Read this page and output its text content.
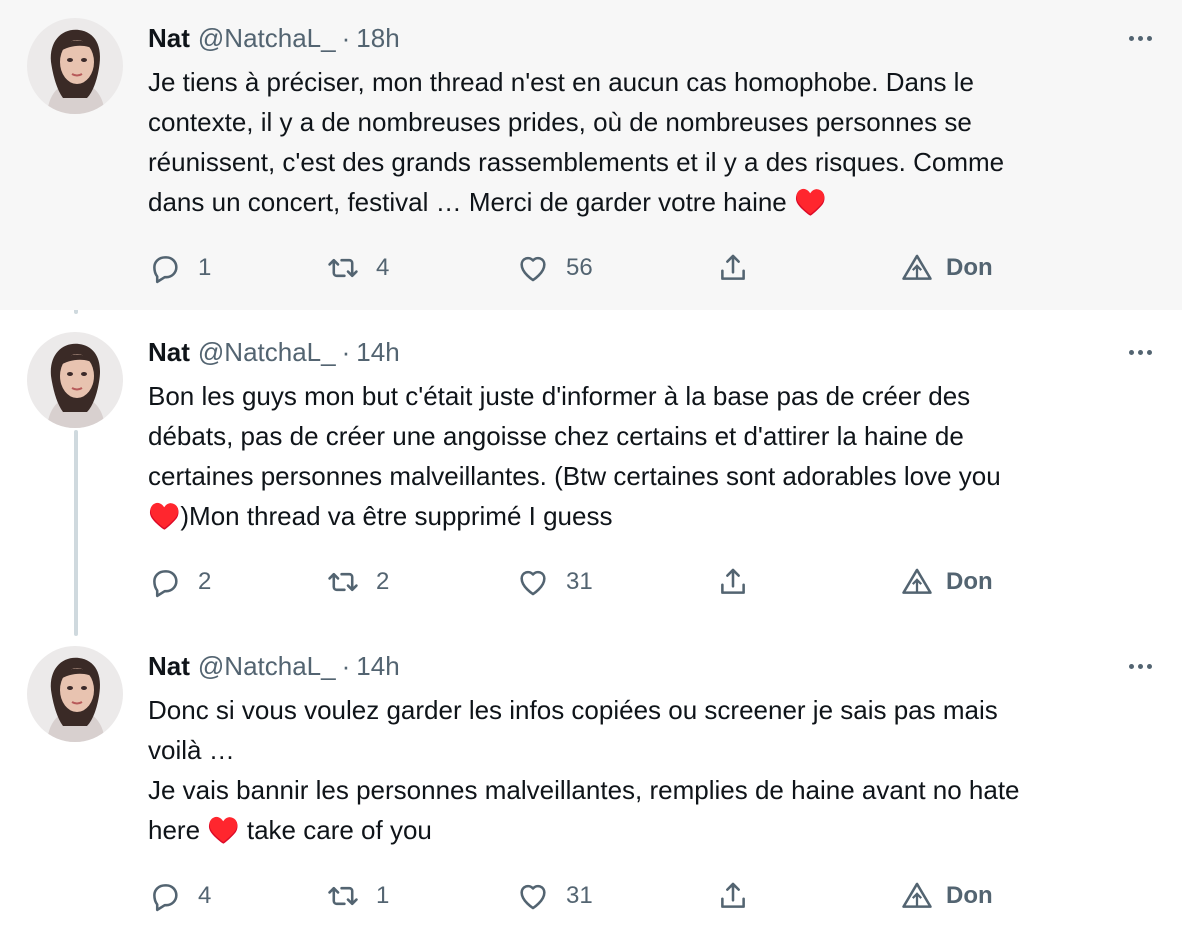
Nat @NatchaL_ · 18h

Je tiens à préciser, mon thread n'est en aucun cas homophobe. Dans le

contexte, il y a de nombreuses prides, où de nombreuses personnes se

réunissent, c'est des grands rassemblements et il y a des risques. Comme

dans un concert, festival … Merci de garder votre haine ♥️

1	4	56	Don
Nat @NatchaL_ · 14h

Bon les guys mon but c'était juste d'informer à la base pas de créer des

débats, pas de créer une angoisse chez certains et d'attirer la haine de

certaines personnes malveillantes. (Btw certaines sont adorables love you

♥️)Mon thread va être supprimé I guess

2	2	31	Don
Nat @NatchaL_ · 14h

Donc si vous voulez garder les infos copiées ou screener je sais pas mais

voilà …

Je vais bannir les personnes malveillantes, remplies de haine avant no hate

here ♥️ take care of you

4	1	31	Don
